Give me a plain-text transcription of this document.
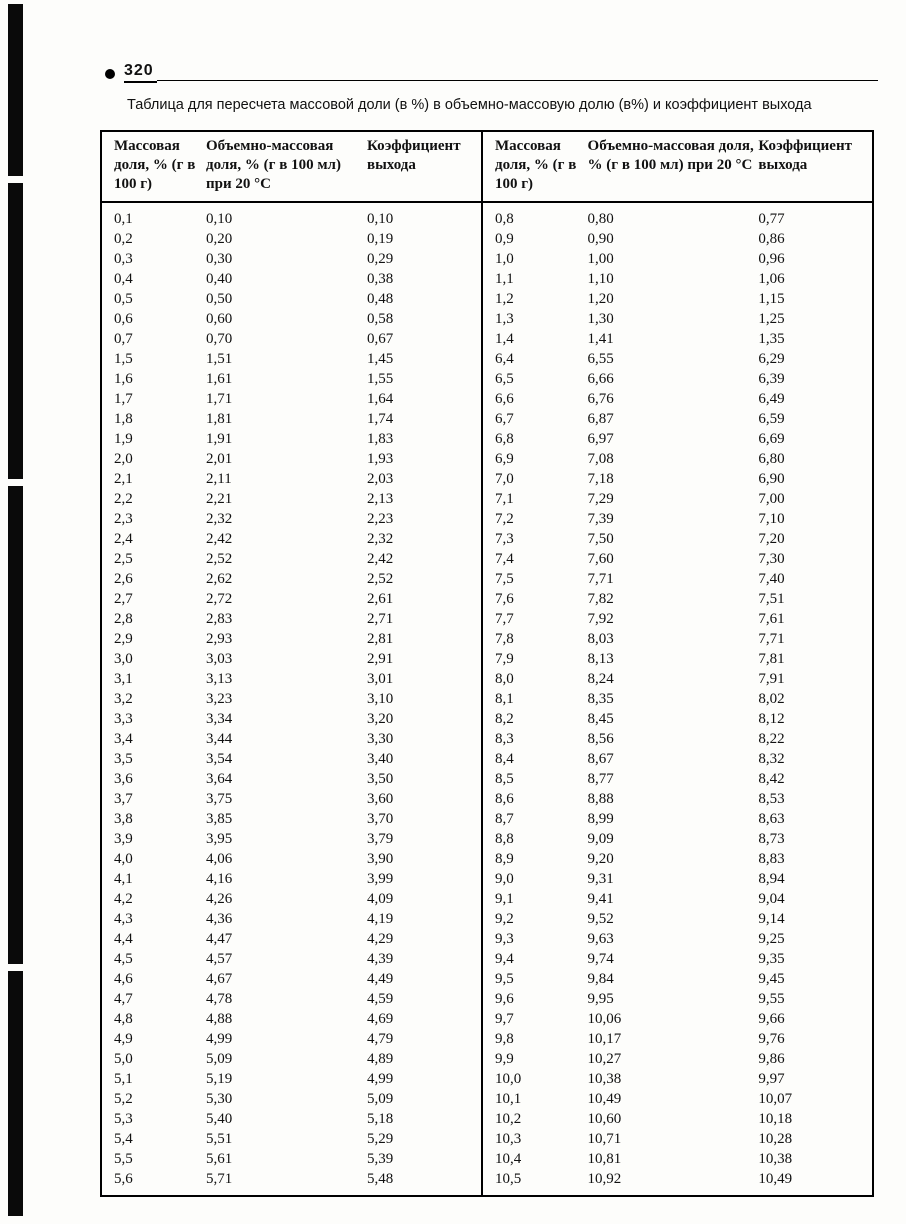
320
Таблица для пересчета массовой доли (в %) в объемно-массовую долю (в%) и коэффициент выхода
Массовая доля, % (г в 100 г)	Объемно-массовая доля, % (г в 100 мл) при 20 °С	Коэффициент выхода
0,1	0,10	0,10
0,2	0,20	0,19
0,3	0,30	0,29
0,4	0,40	0,38
0,5	0,50	0,48
0,6	0,60	0,58
0,7	0,70	0,67
1,5	1,51	1,45
1,6	1,61	1,55
1,7	1,71	1,64
1,8	1,81	1,74
1,9	1,91	1,83
2,0	2,01	1,93
2,1	2,11	2,03
2,2	2,21	2,13
2,3	2,32	2,23
2,4	2,42	2,32
2,5	2,52	2,42
2,6	2,62	2,52
2,7	2,72	2,61
2,8	2,83	2,71
2,9	2,93	2,81
3,0	3,03	2,91
3,1	3,13	3,01
3,2	3,23	3,10
3,3	3,34	3,20
3,4	3,44	3,30
3,5	3,54	3,40
3,6	3,64	3,50
3,7	3,75	3,60
3,8	3,85	3,70
3,9	3,95	3,79
4,0	4,06	3,90
4,1	4,16	3,99
4,2	4,26	4,09
4,3	4,36	4,19
4,4	4,47	4,29
4,5	4,57	4,39
4,6	4,67	4,49
4,7	4,78	4,59
4,8	4,88	4,69
4,9	4,99	4,79
5,0	5,09	4,89
5,1	5,19	4,99
5,2	5,30	5,09
5,3	5,40	5,18
5,4	5,51	5,29
5,5	5,61	5,39
5,6	5,71	5,48
Массовая доля, % (г в 100 г)	Объемно-массовая доля, % (г в 100 мл) при 20 °С	Коэффициент выхода
0,8	0,80	0,77
0,9	0,90	0,86
1,0	1,00	0,96
1,1	1,10	1,06
1,2	1,20	1,15
1,3	1,30	1,25
1,4	1,41	1,35
6,4	6,55	6,29
6,5	6,66	6,39
6,6	6,76	6,49
6,7	6,87	6,59
6,8	6,97	6,69
6,9	7,08	6,80
7,0	7,18	6,90
7,1	7,29	7,00
7,2	7,39	7,10
7,3	7,50	7,20
7,4	7,60	7,30
7,5	7,71	7,40
7,6	7,82	7,51
7,7	7,92	7,61
7,8	8,03	7,71
7,9	8,13	7,81
8,0	8,24	7,91
8,1	8,35	8,02
8,2	8,45	8,12
8,3	8,56	8,22
8,4	8,67	8,32
8,5	8,77	8,42
8,6	8,88	8,53
8,7	8,99	8,63
8,8	9,09	8,73
8,9	9,20	8,83
9,0	9,31	8,94
9,1	9,41	9,04
9,2	9,52	9,14
9,3	9,63	9,25
9,4	9,74	9,35
9,5	9,84	9,45
9,6	9,95	9,55
9,7	10,06	9,66
9,8	10,17	9,76
9,9	10,27	9,86
10,0	10,38	9,97
10,1	10,49	10,07
10,2	10,60	10,18
10,3	10,71	10,28
10,4	10,81	10,38
10,5	10,92	10,49
